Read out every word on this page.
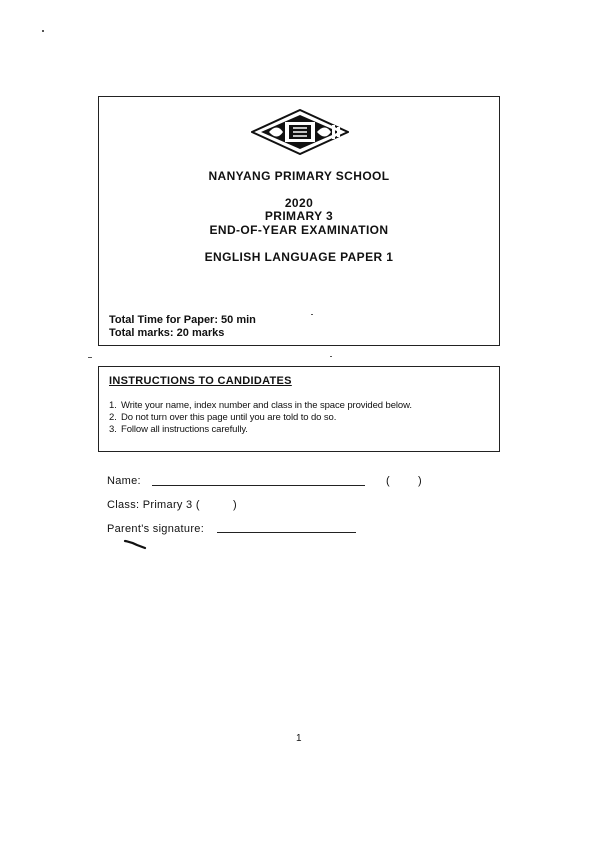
NANYANG PRIMARY SCHOOL
2020
PRIMARY 3
END-OF-YEAR EXAMINATION
ENGLISH LANGUAGE PAPER 1
Total Time for Paper: 50 min
Total marks: 20 marks
INSTRUCTIONS TO CANDIDATES
1. Write your name, index number and class in the space provided below.
2. Do not turn over this page until you are told to do so.
3. Follow all instructions carefully.
Name:	(	)
Class: Primary 3 (	)
Parent's signature:
1
